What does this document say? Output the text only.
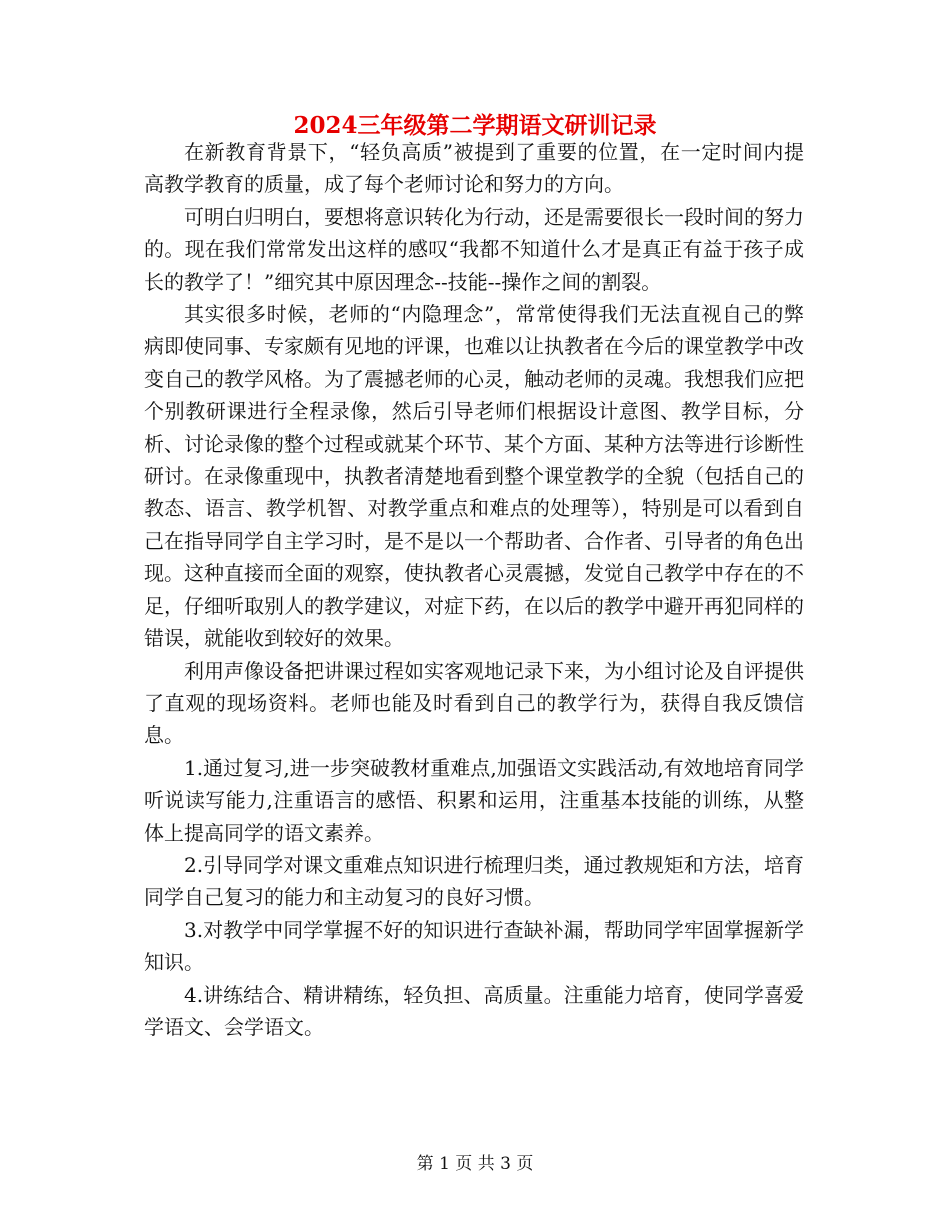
2024三年级第二学期语文研训记录

在新教育背景下，“轻负高质”被提到了重要的位置，在一定时间内提高教学教育的质量，成了每个老师讨论和努力的方向。

可明白归明白，要想将意识转化为行动，还是需要很长一段时间的努力的。现在我们常常发出这样的感叹“我都不知道什么才是真正有益于孩子成长的教学了！”细究其中原因理念--技能--操作之间的割裂。

其实很多时候，老师的“内隐理念”，常常使得我们无法直视自己的弊病即使同事、专家颇有见地的评课，也难以让执教者在今后的课堂教学中改变自己的教学风格。为了震撼老师的心灵，触动老师的灵魂。我想我们应把个别教研课进行全程录像，然后引导老师们根据设计意图、教学目标，分析、讨论录像的整个过程或就某个环节、某个方面、某种方法等进行诊断性研讨。在录像重现中，执教者清楚地看到整个课堂教学的全貌（包括自己的教态、语言、教学机智、对教学重点和难点的处理等），特别是可以看到自己在指导同学自主学习时，是不是以一个帮助者、合作者、引导者的角色出现。这种直接而全面的观察，使执教者心灵震撼，发觉自己教学中存在的不足，仔细听取别人的教学建议，对症下药，在以后的教学中避开再犯同样的错误，就能收到较好的效果。

利用声像设备把讲课过程如实客观地记录下来，为小组讨论及自评提供了直观的现场资料。老师也能及时看到自己的教学行为，获得自我反馈信息。

1.通过复习,进一步突破教材重难点,加强语文实践活动,有效地培育同学听说读写能力,注重语言的感悟、积累和运用，注重基本技能的训练，从整体上提高同学的语文素养。

2.引导同学对课文重难点知识进行梳理归类，通过教规矩和方法，培育同学自己复习的能力和主动复习的良好习惯。

3.对教学中同学掌握不好的知识进行查缺补漏，帮助同学牢固掌握新学知识。

4.讲练结合、精讲精练，轻负担、高质量。注重能力培育，使同学喜爱学语文、会学语文。

第 1 页 共 3 页
